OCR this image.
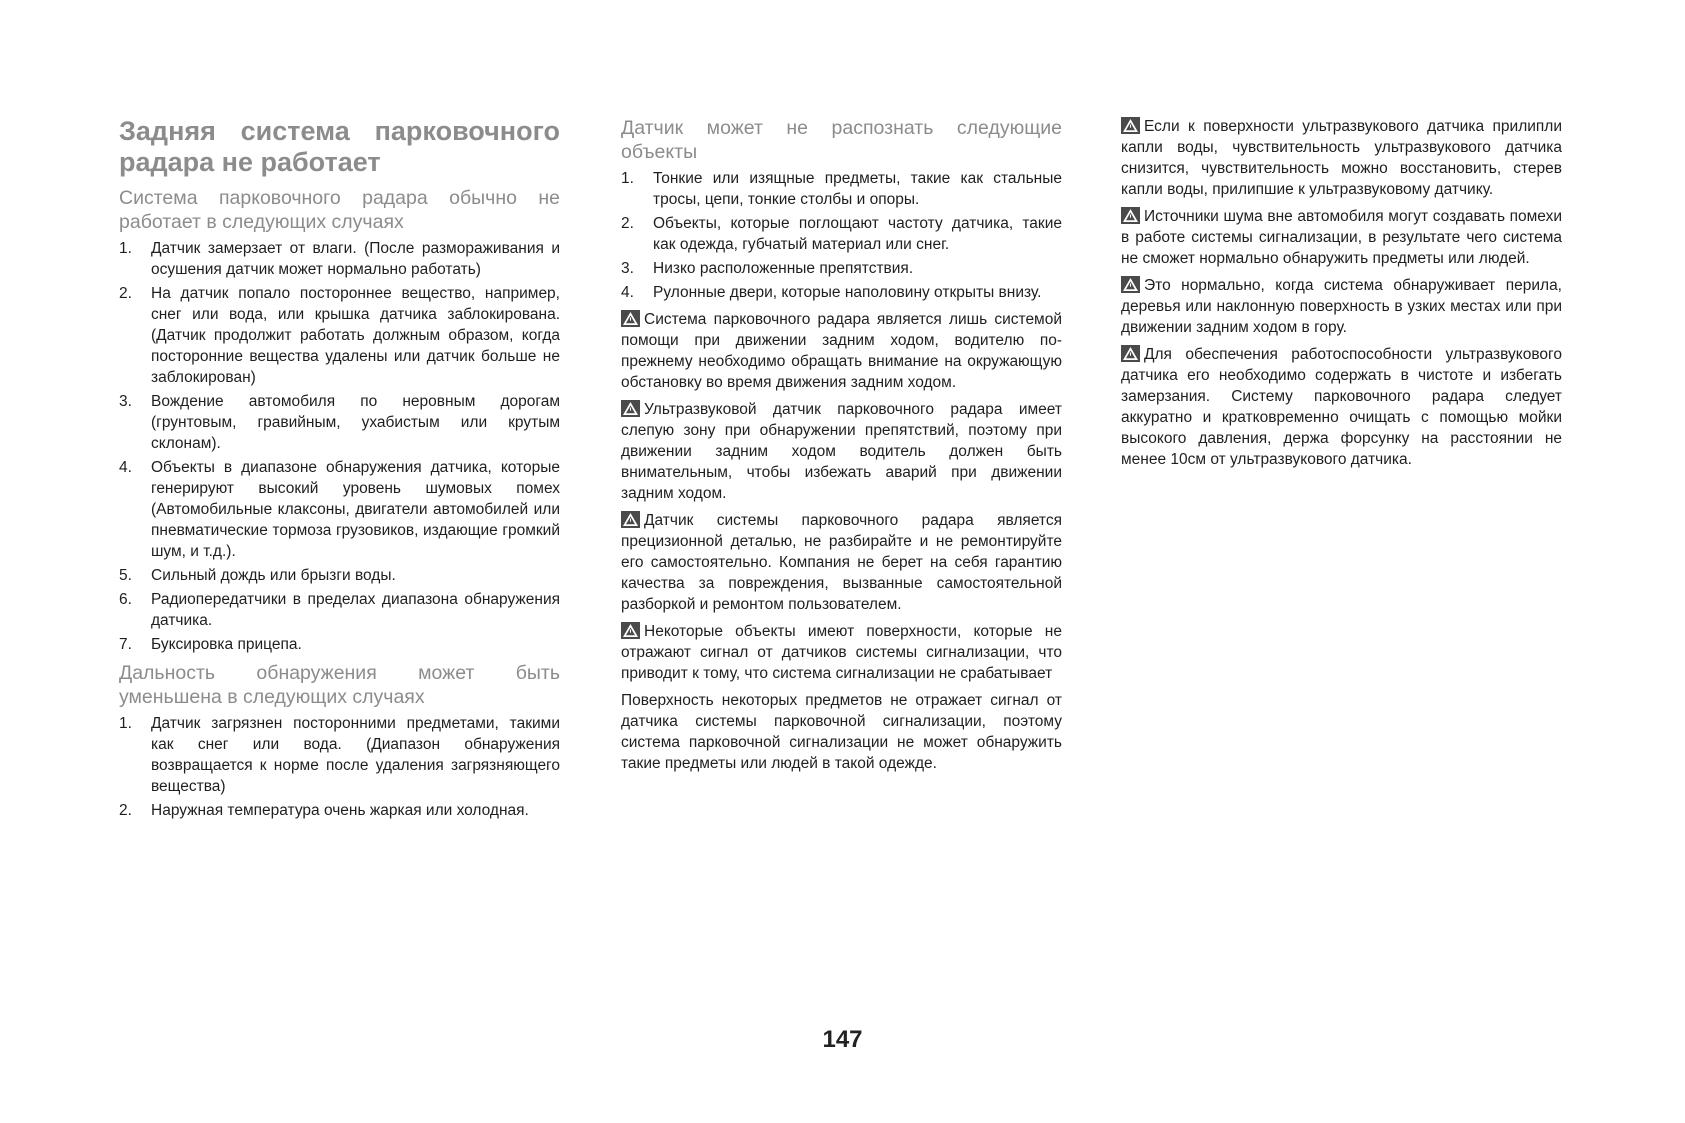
Задняя система парковочного

радара не работает

Система парковочного радара обычно не работает в следующих случаях

1.	Датчик замерзает от влаги. (После размораживания и осушения датчик может нормально работать)
2.	На датчик попало постороннее вещество, например, снег или вода, или крышка датчика заблокирована. (Датчик продолжит работать должным образом, когда посторонние вещества удалены или датчик больше не заблокирован)
3.	Вождение автомобиля по неровным дорогам (грунтовым, гравийным, ухабистым или крутым склонам).
4.	Объекты в диапазоне обнаружения датчика, которые генерируют высокий уровень шумовых помех (Автомобильные клаксоны, двигатели автомобилей или пневматические тормоза грузовиков, издающие громкий шум, и т.д.).
5.	Сильный дождь или брызги воды.
6.	Радиопередатчики в пределах диапазона обнаружения датчика.
7.	Буксировка прицепа.

Дальность обнаружения может быть уменьшена в следующих случаях

1.	Датчик загрязнен посторонними предметами, такими как снег или вода. (Диапазон обнаружения возвращается к норме после удаления загрязняющего вещества)
2.	Наружная температура очень жаркая или холодная.

Датчик может не распознать следующие объекты

1.	Тонкие или изящные предметы, такие как стальные тросы, цепи, тонкие столбы и опоры.
2.	Объекты, которые поглощают частоту датчика, такие как одежда, губчатый материал или снег.
3.	Низко расположенные препятствия.
4.	Рулонные двери, которые наполовину открыты внизу.

Система парковочного радара является лишь системой помощи при движении задним ходом, водителю по-прежнему необходимо обращать внимание на окружающую обстановку во время движения задним ходом.

Ультразвуковой датчик парковочного радара имеет слепую зону при обнаружении препятствий, поэтому при движении задним ходом водитель должен быть внимательным, чтобы избежать аварий при движении задним ходом.

Датчик системы парковочного радара является прецизионной деталью, не разбирайте и не ремонтируйте его самостоятельно. Компания не берет на себя гарантию качества за повреждения, вызванные самостоятельной разборкой и ремонтом пользователем.

Некоторые объекты имеют поверхности, которые не отражают сигнал от датчиков системы сигнализации, что приводит к тому, что система сигнализации не срабатывает

Поверхность некоторых предметов не отражает сигнал от датчика системы парковочной сигнализации, поэтому система парковочной сигнализации не может обнаружить такие предметы или людей в такой одежде.

Если к поверхности ультразвукового датчика прилипли капли воды, чувствительность ультразвукового датчика снизится, чувствительность можно восстановить, стерев капли воды, прилипшие к ультразвуковому датчику.

Источники шума вне автомобиля могут создавать помехи в работе системы сигнализации, в результате чего система не сможет нормально обнаружить предметы или людей.

Это нормально, когда система обнаруживает перила, деревья или наклонную поверхность в узких местах или при движении задним ходом в гору.

Для обеспечения работоспособности ультразвукового датчика его необходимо содержать в чистоте и избегать замерзания. Систему парковочного радара следует аккуратно и кратковременно очищать с помощью мойки высокого давления, держа форсунку на расстоянии не менее 10см от ультразвукового датчика.

147
